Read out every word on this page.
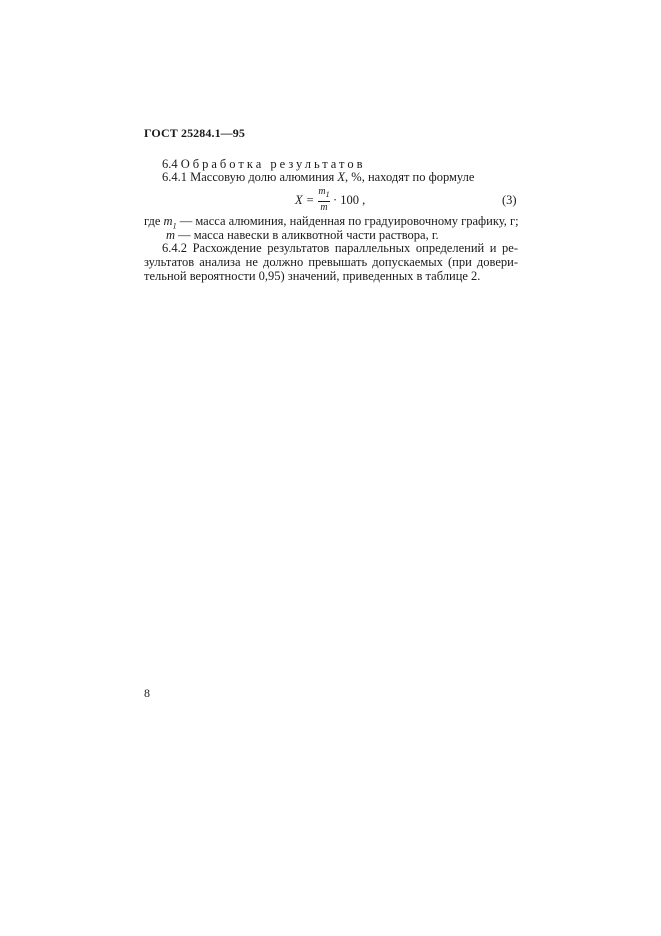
ГОСТ 25284.1—95
6.4 Обработка результатов
6.4.1 Массовую долю алюминия X, %, находят по формуле
X =
$m_1$
m
· 100 ,	(3)
где $m_1$ — масса алюминия, найденная по градуировочному графику, г;
m — масса навески в аликвотной части раствора, г.
6.4.2 Расхождение результатов параллельных определений и ре-
зультатов анализа не должно превышать допускаемых (при довери-
тельной вероятности 0,95) значений, приведенных в таблице 2.
8
